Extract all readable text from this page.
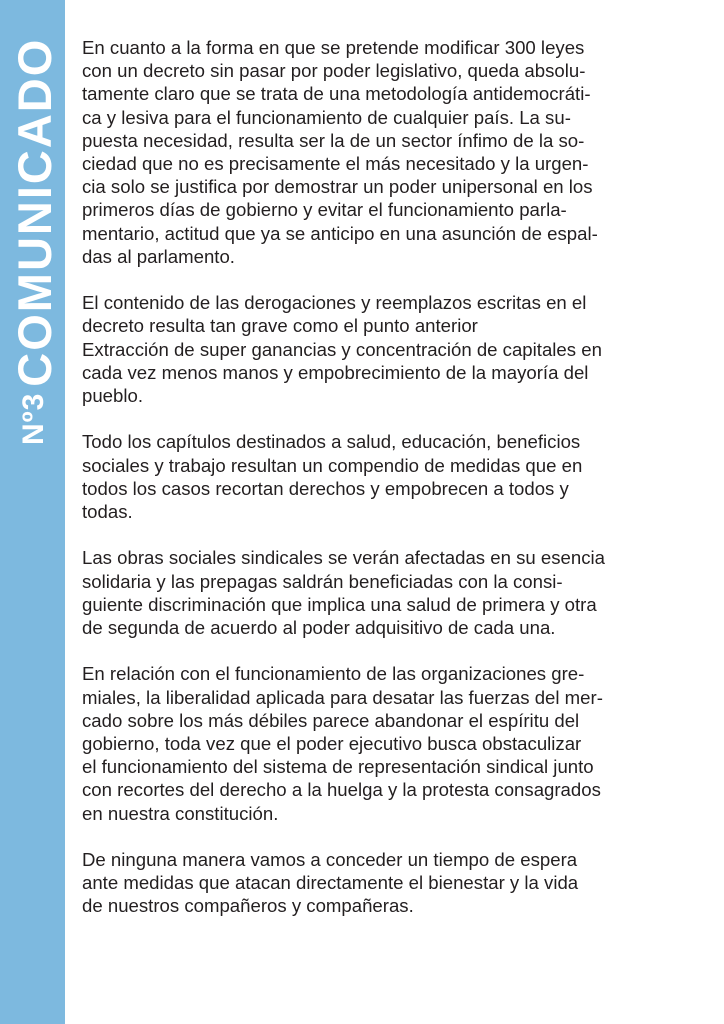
Nº3
COMUNICADO En cuanto a la forma en que se pretende modificar 300 leyes
con un decreto sin pasar por poder legislativo, queda absolu-
tamente claro que se trata de una metodología antidemocráti-
ca y lesiva para el funcionamiento de cualquier país. La su-
puesta necesidad, resulta ser la de un sector ínfimo de la so-
ciedad que no es precisamente el más necesitado y la urgen-
cia solo se justifica por demostrar un poder unipersonal en los
primeros días de gobierno y evitar el funcionamiento parla-
mentario, actitud que ya se anticipo en una asunción de espal-
das al parlamento.

El contenido de las derogaciones y reemplazos escritas en el
decreto resulta tan grave como el punto anterior
Extracción de super ganancias y concentración de capitales en
cada vez menos manos y empobrecimiento de la mayoría del
pueblo.

Todo los capítulos destinados a salud, educación, beneficios
sociales y trabajo resultan un compendio de medidas que en
todos los casos recortan derechos y empobrecen a todos y
todas.

Las obras sociales sindicales se verán afectadas en su esencia
solidaria y las prepagas saldrán beneficiadas con la consi-
guiente discriminación que implica una salud de primera y otra
de segunda de acuerdo al poder adquisitivo de cada una.

En relación con el funcionamiento de las organizaciones gre-
miales, la liberalidad aplicada para desatar las fuerzas del mer-
cado sobre los más débiles parece abandonar el espíritu del
gobierno, toda vez que el poder ejecutivo busca obstaculizar
el funcionamiento del sistema de representación sindical junto
con recortes del derecho a la huelga y la protesta consagrados
en nuestra constitución.

De ninguna manera vamos a conceder un tiempo de espera
ante medidas que atacan directamente el bienestar y la vida
de nuestros compañeros y compañeras.
